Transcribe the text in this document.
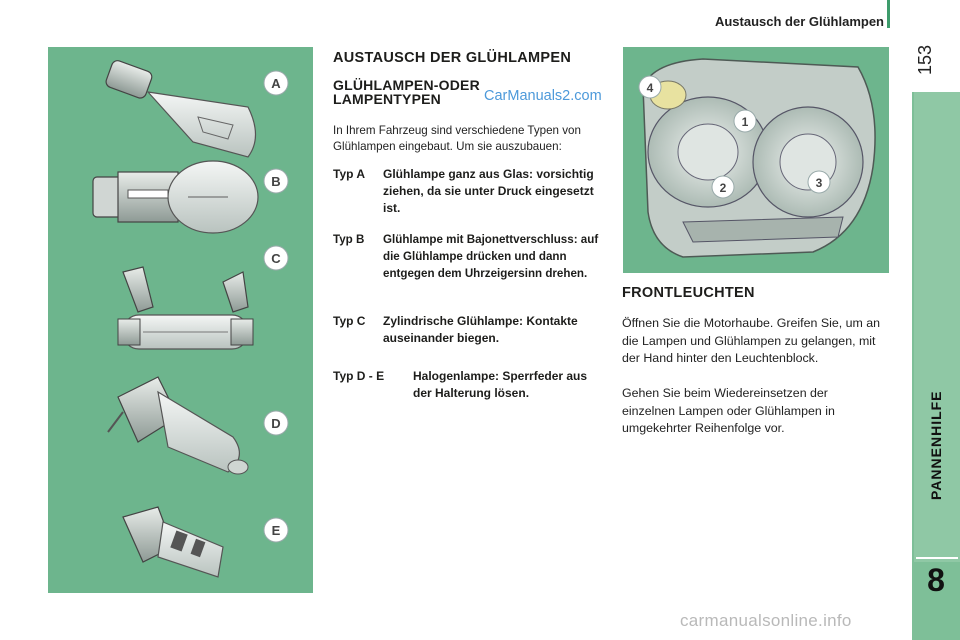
Austausch der Glühlampen
153
PANNENHILFE
8
A
B
C
D
E
AUSTAUSCH DER GLÜHLAMPEN
GLÜHLAMPEN-ODER
LAMPENTYPEN	CarManuals2.com
In Ihrem Fahrzeug sind verschiedene Typen von Glühlampen eingebaut. Um sie auszubauen:
Typ A Glühlampe ganz aus Glas: vorsichtig ziehen, da sie unter Druck eingesetzt ist.
Typ B Glühlampe mit Bajonettverschluss: auf die Glühlampe drücken und dann entgegen dem Uhrzeigersinn drehen.
Typ C Zylindrische Glühlampe: Kontakte auseinander biegen.
Typ D - E Halogenlampe: Sperrfeder aus der Halterung lösen.
4
1
2	3
FRONTLEUCHTEN
Öffnen Sie die Motorhaube. Greifen Sie, um an die Lampen und Glühlampen zu gelangen, mit der Hand hinter den Leuchtenblock.
Gehen Sie beim Wiedereinsetzen der einzelnen Lampen oder Glühlampen in umgekehrter Reihenfolge vor.
carmanualsonline.info
